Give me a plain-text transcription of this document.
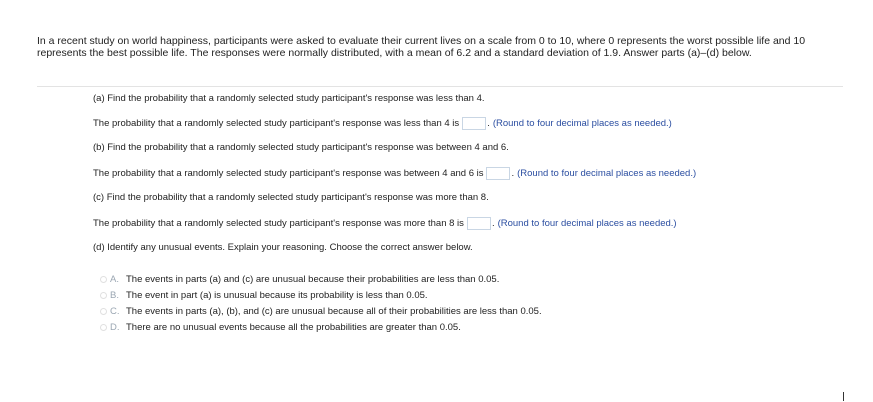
In a recent study on world happiness, participants were asked to evaluate their current lives on a scale from 0 to 10, where 0 represents the worst possible life and 10 represents the best possible life. The responses were normally distributed, with a mean of 6.2 and a standard deviation of 1.9. Answer parts (a)–(d) below.
(a) Find the probability that a randomly selected study participant's response was less than 4.
The probability that a randomly selected study participant's response was less than 4 is	. (Round to four decimal places as needed.)
(b) Find the probability that a randomly selected study participant's response was between 4 and 6.
The probability that a randomly selected study participant's response was between 4 and 6 is	. (Round to four decimal places as needed.)
(c) Find the probability that a randomly selected study participant's response was more than 8.
The probability that a randomly selected study participant's response was more than 8 is	. (Round to four decimal places as needed.)
(d) Identify any unusual events. Explain your reasoning. Choose the correct answer below.
A. The events in parts (a) and (c) are unusual because their probabilities are less than 0.05.
B. The event in part (a) is unusual because its probability is less than 0.05.
C. The events in parts (a), (b), and (c) are unusual because all of their probabilities are less than 0.05.
D. There are no unusual events because all the probabilities are greater than 0.05.
